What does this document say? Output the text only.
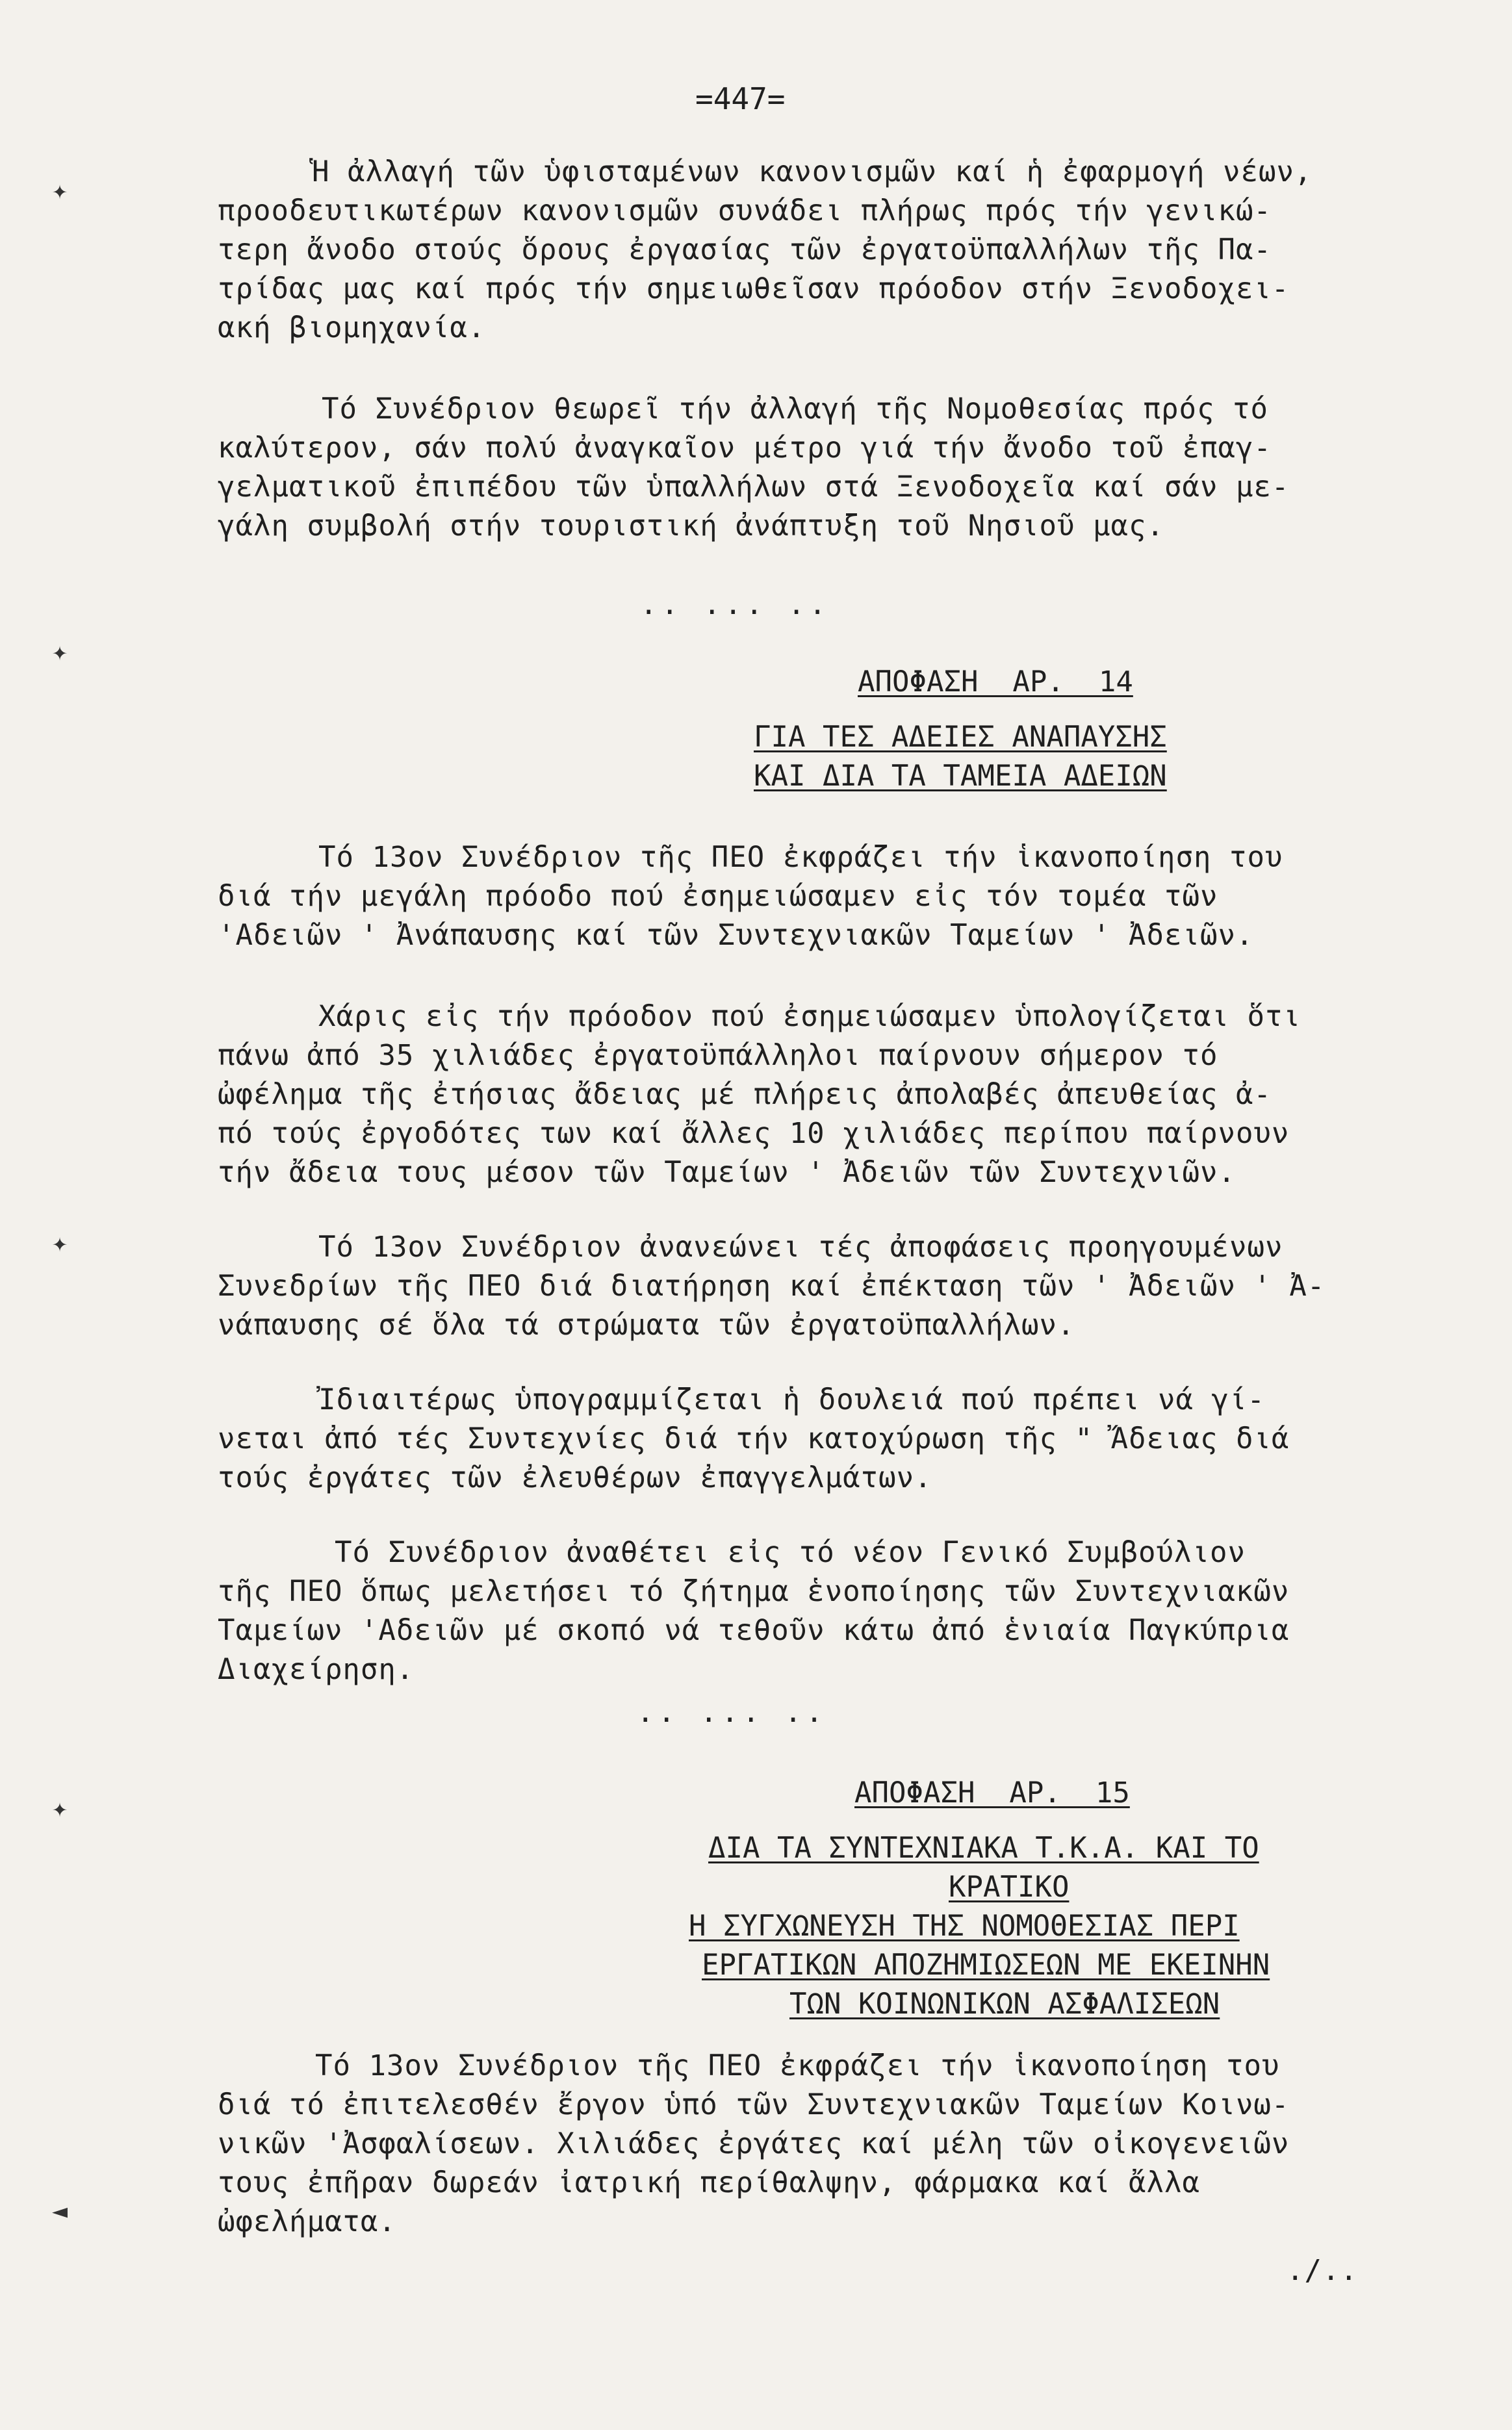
✦
✦
✦
✦
◄
=447=
Ἡ ἀλλαγή τῶν ὑφισταμένων κανονισμῶν καί ἡ ἐφαρμογή νέων,
προοδευτικωτέρων κανονισμῶν συνάδει πλήρως πρός τήν γενικώ-
τερη ἄνοδο στούς ὅρους ἐργασίας τῶν ἐργατοϋπαλλήλων τῆς Πα-
τρίδας μας καί πρός τήν σημειωθεῖσαν πρόοδον στήν Ξενοδοχει-
ακή βιομηχανία.
Τό Συνέδριον θεωρεῖ τήν ἀλλαγή τῆς Νομοθεσίας πρός τό
καλύτερον, σάν πολύ ἀναγκαῖον μέτρο γιά τήν ἄνοδο τοῦ ἐπαγ-
γελματικοῦ ἐπιπέδου τῶν ὑπαλλήλων στά Ξενοδοχεῖα καί σάν με-
γάλη συμβολή στήν τουριστική ἀνάπτυξη τοῦ Νησιοῦ μας.
.. ... ..
ΑΠΟΦΑΣΗ  ΑΡ.  14
ΓΙΑ ΤΕΣ ΑΔΕΙΕΣ ΑΝΑΠΑΥΣΗΣ
ΚΑΙ ΔΙΑ ΤΑ ΤΑΜΕΙΑ ΑΔΕΙΩΝ
Τό 13ον Συνέδριον τῆς ΠΕΟ ἐκφράζει τήν ἱκανοποίηση του
διά τήν μεγάλη πρόοδο πού ἐσημειώσαμεν εἰς τόν τομέα τῶν
'Αδειῶν ' Ἀνάπαυσης καί τῶν Συντεχνιακῶν Ταμείων ' Ἀδειῶν.
Χάρις εἰς τήν πρόοδον πού ἐσημειώσαμεν ὑπολογίζεται ὅτι
πάνω ἀπό 35 χιλιάδες ἐργατοϋπάλληλοι παίρνουν σήμερον τό
ὠφέλημα τῆς ἐτήσιας ἄδειας μέ πλήρεις ἀπολαβές ἀπευθείας ἀ-
πό τούς ἐργοδότες των καί ἄλλες 10 χιλιάδες περίπου παίρνουν
τήν ἄδεια τους μέσον τῶν Ταμείων ' Ἀδειῶν τῶν Συντεχνιῶν.
Τό 13ον Συνέδριον ἀνανεώνει τές ἀποφάσεις προηγουμένων
Συνεδρίων τῆς ΠΕΟ διά διατήρηση καί ἐπέκταση τῶν ' Ἀδειῶν ' Ἀ-
νάπαυσης σέ ὅλα τά στρώματα τῶν ἐργατοϋπαλλήλων.
Ἰδιαιτέρως ὑπογραμμίζεται ἡ δουλειά πού πρέπει νά γί-
νεται ἀπό τές Συντεχνίες διά τήν κατοχύρωση τῆς " Ἄδειας διά
τούς ἐργάτες τῶν ἐλευθέρων ἐπαγγελμάτων.
Τό Συνέδριον ἀναθέτει εἰς τό νέον Γενικό Συμβούλιον
τῆς ΠΕΟ ὅπως μελετήσει τό ζήτημα ἑνοποίησης τῶν Συντεχνιακῶν
Ταμείων 'Αδειῶν μέ σκοπό νά τεθοῦν κάτω ἀπό ἑνιαία Παγκύπρια
Διαχείρηση.
.. ... ..
ΑΠΟΦΑΣΗ  ΑΡ.  15
ΔΙΑ ΤΑ ΣΥΝΤΕΧΝΙΑΚΑ Τ.Κ.Α. ΚΑΙ ΤΟ
ΚΡΑΤΙΚΟ
Η ΣΥΓΧΩΝΕΥΣΗ ΤΗΣ ΝΟΜΟΘΕΣΙΑΣ ΠΕΡΙ
ΕΡΓΑΤΙΚΩΝ ΑΠΟΖΗΜΙΩΣΕΩΝ ΜΕ ΕΚΕΙΝΗΝ
ΤΩΝ ΚΟΙΝΩΝΙΚΩΝ ΑΣΦΑΛΙΣΕΩΝ
Τό 13ον Συνέδριον τῆς ΠΕΟ ἐκφράζει τήν ἱκανοποίηση του
διά τό ἐπιτελεσθέν ἔργον ὑπό τῶν Συντεχνιακῶν Ταμείων Κοινω-
νικῶν 'Ἀσφαλίσεων. Χιλιάδες ἐργάτες καί μέλη τῶν οἰκογενειῶν
τους ἐπῆραν δωρεάν ἰατρική περίθαλψην, φάρμακα καί ἄλλα
ὠφελήματα.
./..
